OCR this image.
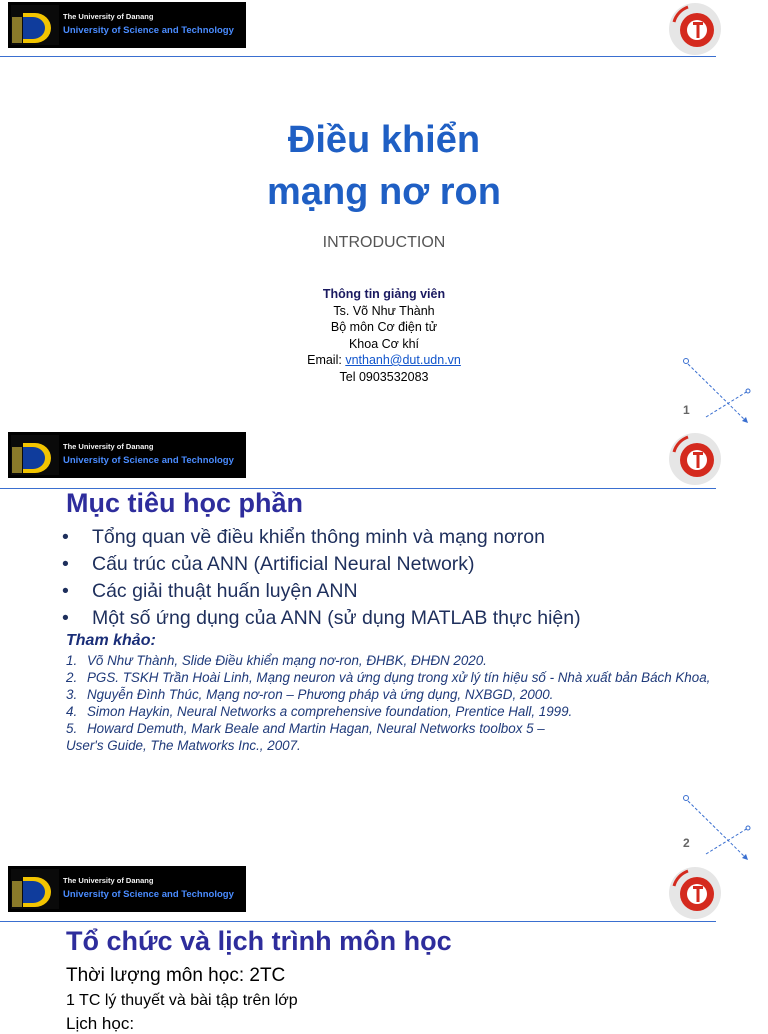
The University of Danang
University of Science and Technology
Điều khiển
mạng nơ ron
INTRODUCTION
Thông tin giảng viên
Ts. Võ Như Thành
Bộ môn Cơ điện tử
Khoa Cơ khí
Email: vnthanh@dut.udn.vn
Tel 0903532083
1
The University of Danang
University of Science and Technology
Mục tiêu học phần
• Tổng quan về điều khiển thông minh và mạng nơron
• Cấu trúc của ANN (Artificial Neural Network)
• Các giải thuật huấn luyện ANN
• Một số ứng dụng của ANN (sử dụng MATLAB thực hiện)
Tham khảo:
1. Võ Như Thành, Slide Điều khiển mạng nơ-ron, ĐHBK, ĐHĐN 2020.
2. PGS. TSKH Trần Hoài Linh, Mạng neuron và ứng dụng trong xử lý tín hiệu số - Nhà xuất bản Bách Khoa,
3. Nguyễn Đình Thúc, Mạng nơ-ron – Phương pháp và ứng dụng, NXBGD, 2000.
4. Simon Haykin, Neural Networks a comprehensive foundation, Prentice Hall, 1999.
5. Howard Demuth, Mark Beale and Martin Hagan, Neural Networks toolbox 5 –
User's Guide, The Matworks Inc., 2007.
2
The University of Danang
University of Science and Technology
Tổ chức và lịch trình môn học
Thời lượng môn học: 2TC
1 TC lý thuyết và bài tập trên lớp
Lịch học:
